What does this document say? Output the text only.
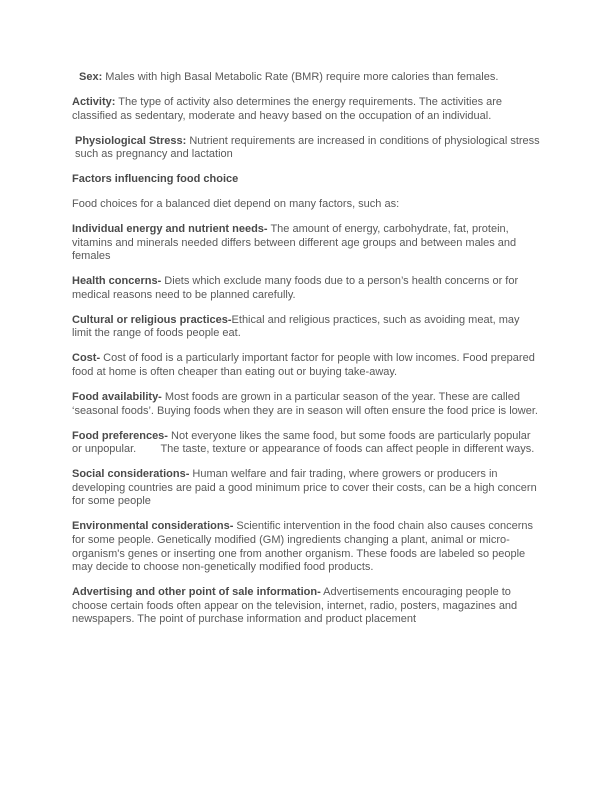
Sex: Males with high Basal Metabolic Rate (BMR) require more calories than females.

Activity: The type of activity also determines the energy requirements. The activities are classified as sedentary, moderate and heavy based on the occupation of an individual.

Physiological Stress: Nutrient requirements are increased in conditions of physiological stress such as pregnancy and lactation

Factors influencing food choice

Food choices for a balanced diet depend on many factors, such as:

Individual energy and nutrient needs- The amount of energy, carbohydrate, fat, protein, vitamins and minerals needed differs between different age groups and between males and females

Health concerns- Diets which exclude many foods due to a person’s health concerns or for medical reasons need to be planned carefully.

Cultural or religious practices-Ethical and religious practices, such as avoiding meat, may limit the range of foods people eat.

Cost- Cost of food is a particularly important factor for people with low incomes. Food prepared food at home is often cheaper than eating out or buying take-away.

Food availability- Most foods are grown in a particular season of the year. These are called ‘seasonal foods’. Buying foods when they are in season will often ensure the food price is lower.

Food preferences- Not everyone likes the same food, but some foods are particularly popular or unpopular.        The taste, texture or appearance of foods can affect people in different ways.

Social considerations- Human welfare and fair trading, where growers or producers in developing countries are paid a good minimum price to cover their costs, can be a high concern for some people

Environmental considerations- Scientific intervention in the food chain also causes concerns for some people. Genetically modified (GM) ingredients changing a plant, animal or micro-organism's genes or inserting one from another organism. These foods are labeled so people may decide to choose non-genetically modified food products.

Advertising and other point of sale information- Advertisements encouraging people to choose certain foods often appear on the television, internet, radio, posters, magazines and newspapers. The point of purchase information and product placement
